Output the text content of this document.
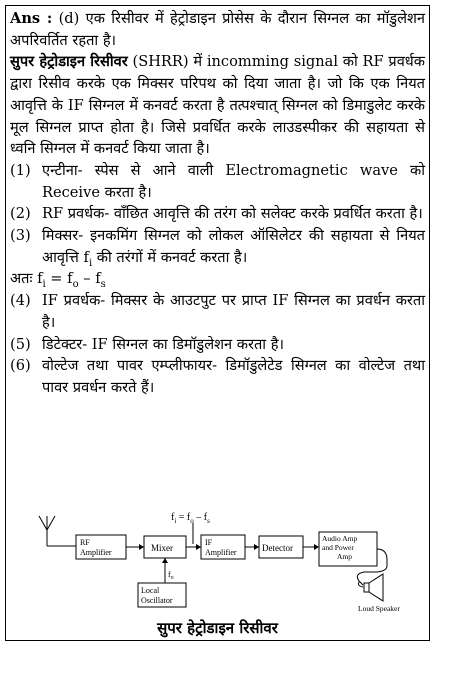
Ans : (d) एक रिसीवर में हेट्रोडाइन प्रोसेस के दौरान सिग्नल का मॉडुलेशन अपरिवर्तित रहता है।

सुपर हेट्रोडाइन रिसीवर (SHRR) में incomming signal को RF प्रवर्धक द्वारा रिसीव करके एक मिक्सर परिपथ को दिया जाता है। जो कि एक नियत आवृत्ति के IF सिग्नल में कनवर्ट करता है तत्पश्चात् सिग्नल को डिमाडुलेट करके मूल सिग्नल प्राप्त होता है। जिसे प्रवर्धित करके लाउडस्पीकर की सहायता से ध्वनि सिग्नल में कनवर्ट किया जाता है।

(1) एन्टीना- स्पेस से आने वाली Electromagnetic wave को Receive करता है।
(2) RF प्रवर्धक- वाँछित आवृत्ति की तरंग को सलेक्ट करके प्रवर्धित करता है।
(3) मिक्सर- इनकमिंग सिग्नल को लोकल ऑसिलेटर की सहायता से नियत आवृत्ति $f_i$ की तरंगों में कनवर्ट करता है।

अतः $f_i = f_o - f_s$

(4) IF प्रवर्धक- मिक्सर के आउटपुट पर प्राप्त IF सिग्नल का प्रवर्धन करता है।
(5) डिटेक्टर- IF सिग्नल का डिमॉडुलेशन करता है।
(6) वोल्टेज तथा पावर एम्प्लीफायर- डिमॉडुलेटेड सिग्नल का वोल्टेज तथा पावर प्रवर्धन करते हैं।
RF
Amplifier	Mixer
$f_i = f_o - f_s$
IF
Amplifier	Detector
Audio Amp
and Power
Amp
Loud Speaker
$f_o$
Local
Oscillator
सुपर हेट्रोडाइन रिसीवर
